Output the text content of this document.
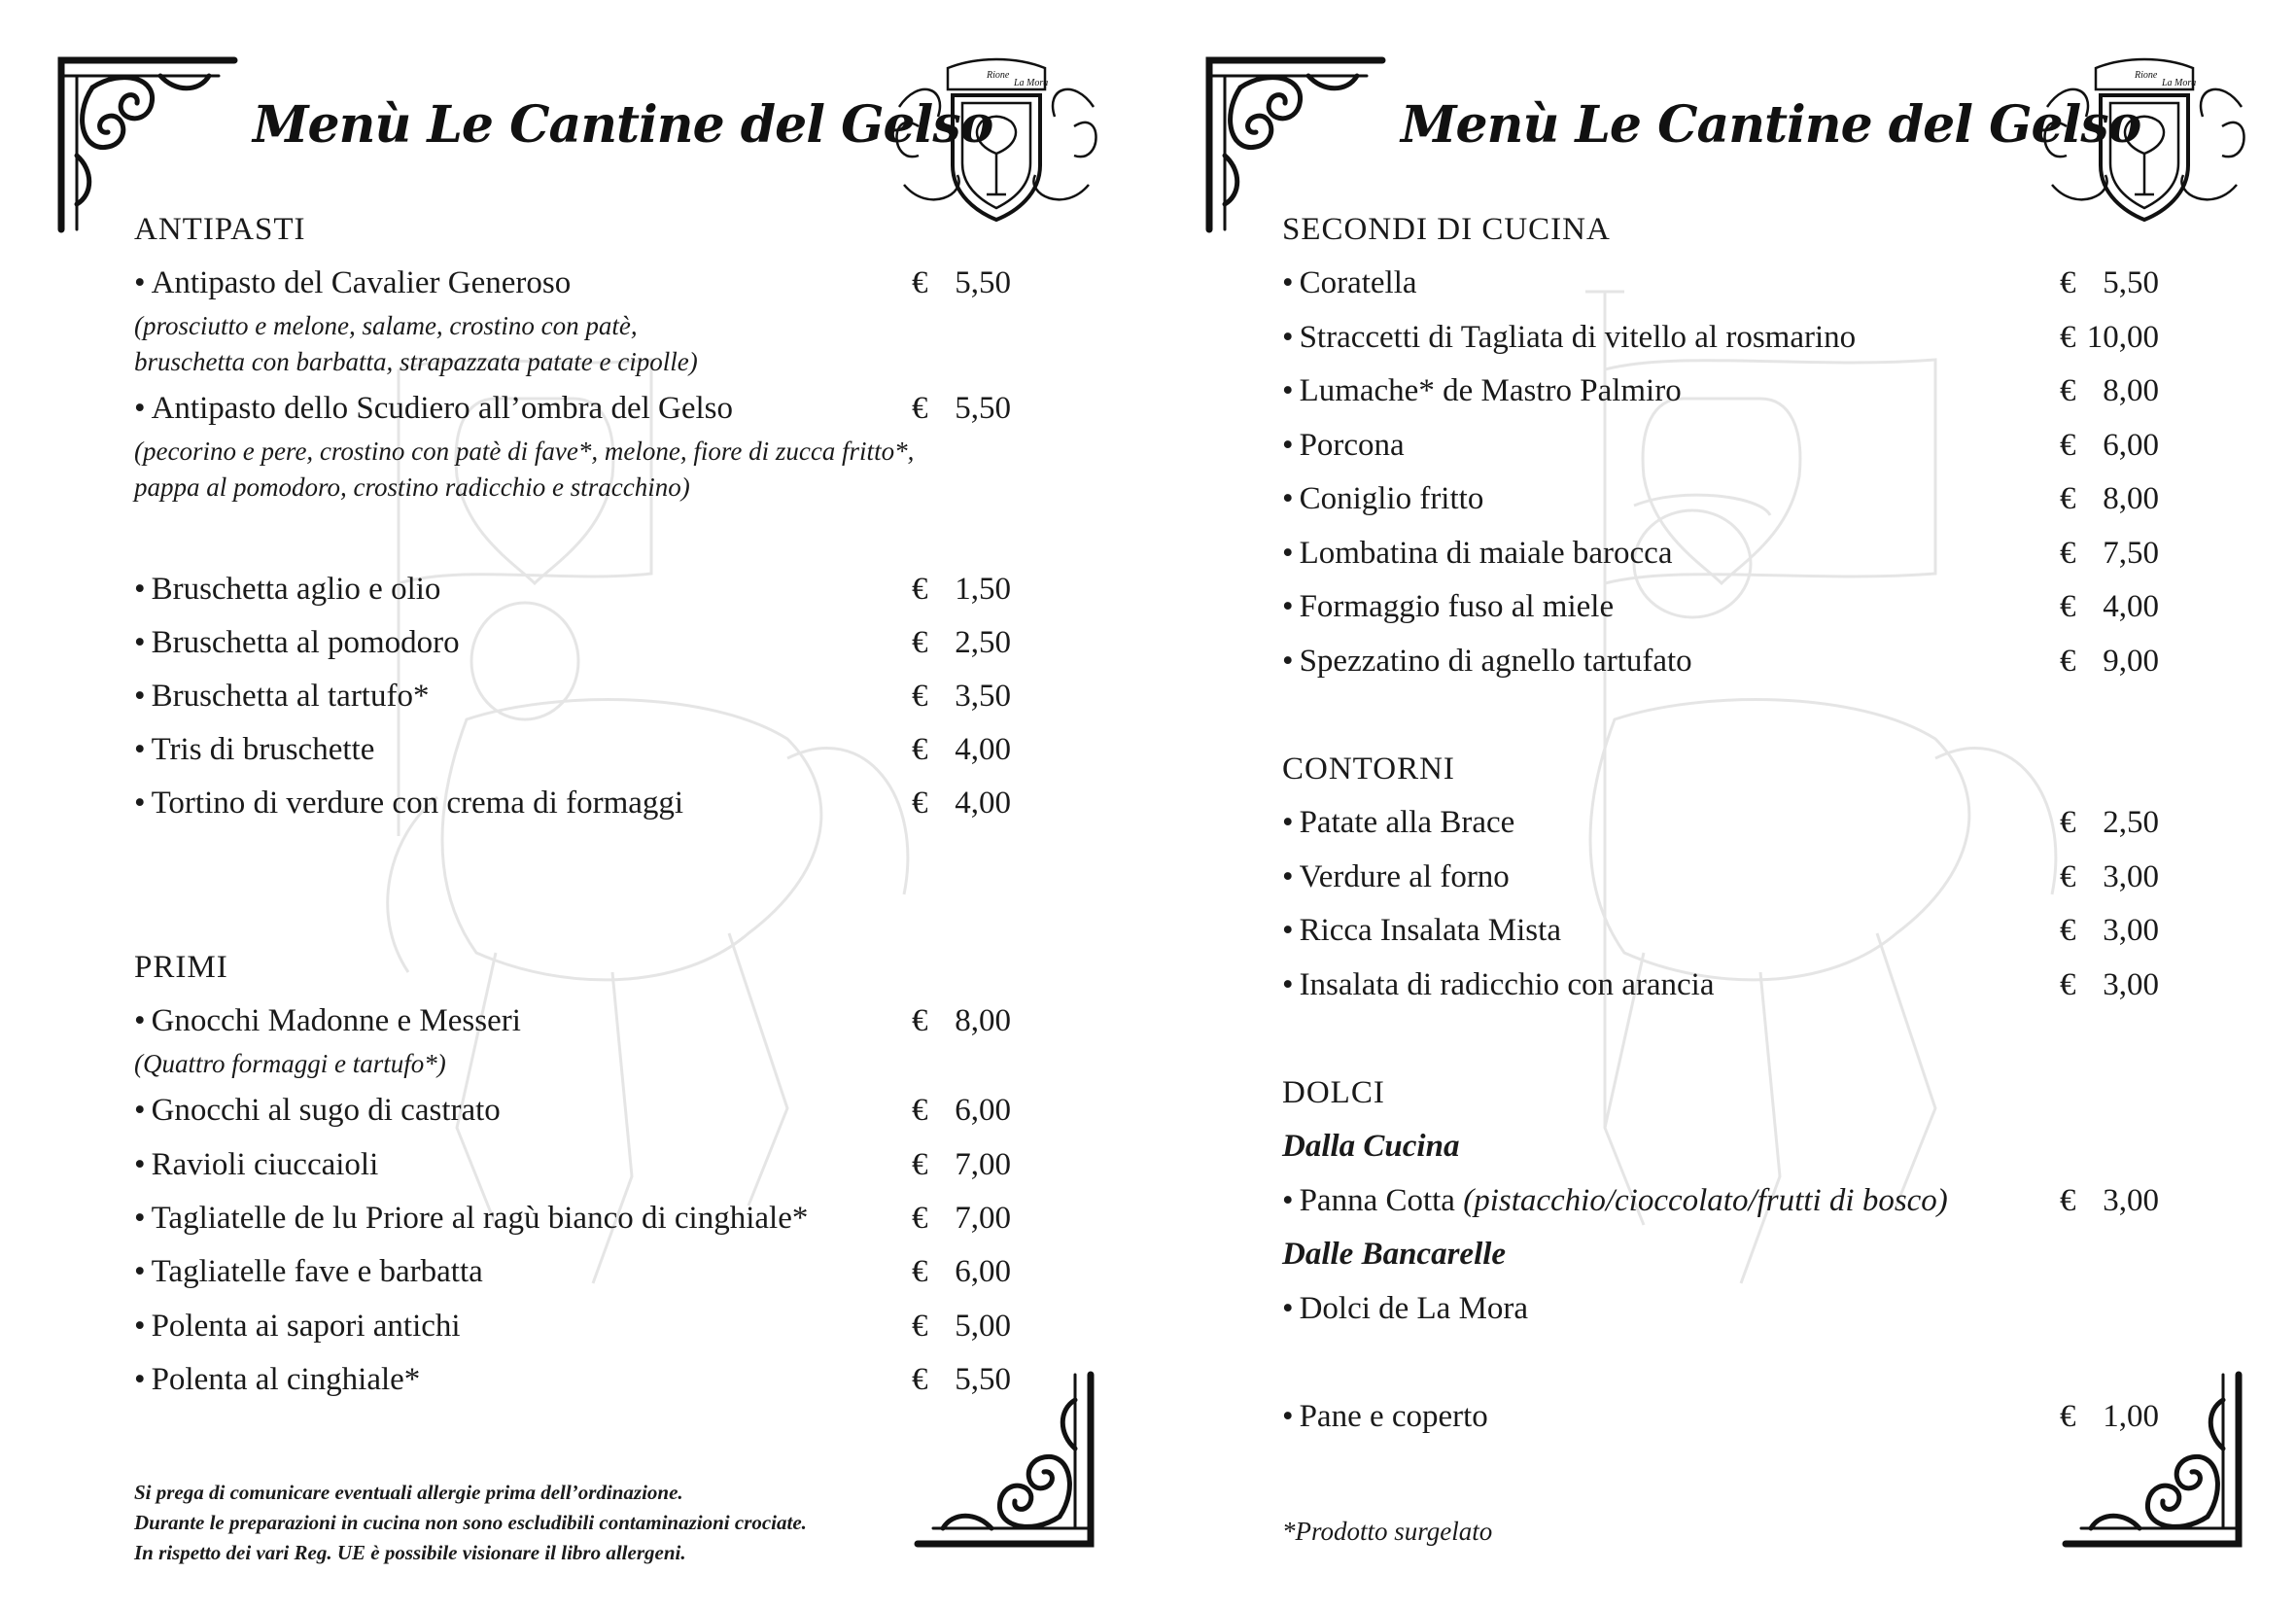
Menù Le Cantine del Gelso
Rione
La Mora
ANTIPASTI
• Antipasto del Cavalier Generoso	€ 5,50
(prosciutto e melone, salame, crostino con patè,
bruschetta con barbatta, strapazzata patate e cipolle)
• Antipasto dello Scudiero all’ombra del Gelso	€ 5,50
(pecorino e pere, crostino con patè di fave*, melone, fiore di zucca fritto*,
pappa al pomodoro, crostino radicchio e stracchino)
• Bruschetta aglio e olio	€ 1,50
• Bruschetta al pomodoro	€ 2,50
• Bruschetta al tartufo*	€ 3,50
• Tris di bruschette	€ 4,00
• Tortino di verdure con crema di formaggi	€ 4,00
PRIMI
• Gnocchi Madonne e Messeri	€ 8,00
(Quattro formaggi e tartufo*)
• Gnocchi al sugo di castrato	€ 6,00
• Ravioli ciuccaioli	€ 7,00
• Tagliatelle de lu Priore al ragù bianco di cinghiale*	€ 7,00
• Tagliatelle fave e barbatta	€ 6,00
• Polenta ai sapori antichi	€ 5,00
• Polenta al cinghiale*	€ 5,50
Si prega di comunicare eventuali allergie prima dell’ordinazione.
Durante le preparazioni in cucina non sono escludibili contaminazioni crociate.
In rispetto dei vari Reg. UE è possibile visionare il libro allergeni.
Menù Le Cantine del Gelso
Rione
La Mora
SECONDI DI CUCINA
• Coratella	€ 5,50
• Straccetti di Tagliata di vitello al rosmarino	€ 10,00
• Lumache* de Mastro Palmiro	€ 8,00
• Porcona	€ 6,00
• Coniglio fritto	€ 8,00
• Lombatina di maiale barocca	€ 7,50
• Formaggio fuso al miele	€ 4,00
• Spezzatino di agnello tartufato	€ 9,00
CONTORNI
• Patate alla Brace	€ 2,50
• Verdure al forno	€ 3,00
• Ricca Insalata Mista	€ 3,00
• Insalata di radicchio con arancia	€ 3,00
DOLCI
Dalla Cucina
• Panna Cotta (pistacchio/cioccolato/frutti di bosco)	€ 3,00
Dalle Bancarelle
• Dolci de La Mora
• Pane e coperto	€ 1,00
*Prodotto surgelato
